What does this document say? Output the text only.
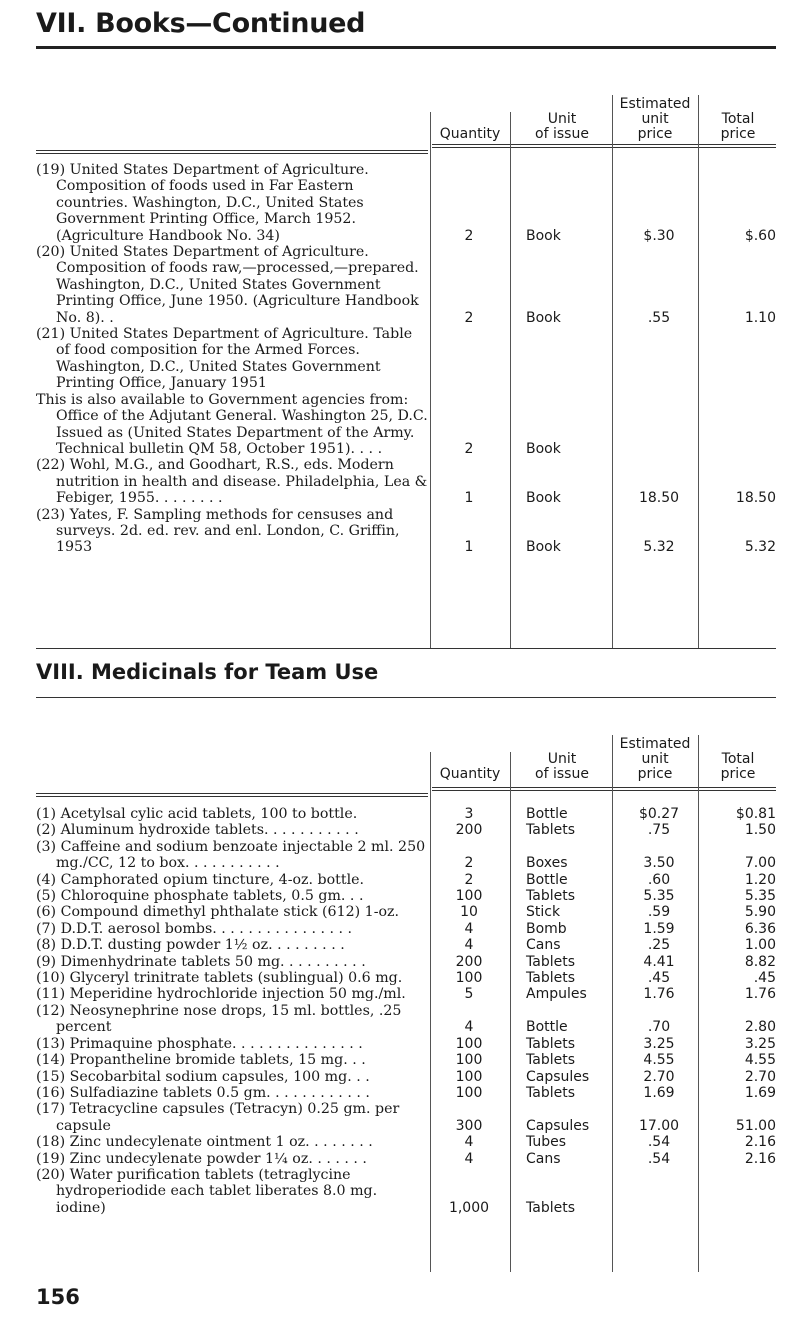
VII. Books—Continued
Quantity
Unit
of issue
Estimated
unit
price
Total
price
(19) United States Department of Agriculture. Composition of foods used in Far Eastern countries. Washington, D.C., United States Government Printing Office, March 1952. (Agriculture Handbook No. 34)	2	Book	$.30	$.60
(20) United States Department of Agriculture. Composition of foods raw,—processed,—prepared. Washington, D.C., United States Government Printing Office, June 1950. (Agriculture Handbook No. 8). .	2	Book	.55	1.10
(21) United States Department of Agriculture. Table of food composition for the Armed Forces. Washington, D.C., United States Government Printing Office, January 1951
This is also available to Government agencies from: Office of the Adjutant General. Washington 25, D.C. Issued as (United States Department of the Army. Technical bulletin QM 58, October 1951). . . .	2	Book
(22) Wohl, M.G., and Goodhart, R.S., eds. Modern nutrition in health and disease. Philadelphia, Lea & Febiger, 1955. . . . . . . .	1	Book	18.50	18.50
(23) Yates, F. Sampling methods for censuses and surveys. 2d. ed. rev. and enl. London, C. Griffin, 1953	1	Book	5.32	5.32
VIII. Medicinals for Team Use
Quantity
Unit
of issue
Estimated
unit
price
Total
price
(1) Acetylsal cylic acid tablets, 100 to bottle.	3	Bottle	$0.27	$0.81
(2) Aluminum hydroxide tablets. . . . . . . . . . .	200	Tablets	.75	1.50
(3) Caffeine and sodium benzoate injectable 2 ml. 250 mg./CC, 12 to box. . . . . . . . . . .	2	Boxes	3.50	7.00
(4) Camphorated opium tincture, 4-oz. bottle.	2	Bottle	.60	1.20
(5) Chloroquine phosphate tablets, 0.5 gm. . .	100	Tablets	5.35	5.35
(6) Compound dimethyl phthalate stick (612) 1-oz.	10	Stick	.59	5.90
(7) D.D.T. aerosol bombs. . . . . . . . . . . . . . . .	4	Bomb	1.59	6.36
(8) D.D.T. dusting powder 1½ oz. . . . . . . . .	4	Cans	.25	1.00
(9) Dimenhydrinate tablets 50 mg. . . . . . . . . .	200	Tablets	4.41	8.82
(10) Glyceryl trinitrate tablets (sublingual) 0.6 mg.	100	Tablets	.45	.45
(11) Meperidine hydrochloride injection 50 mg./ml.	5	Ampules	1.76	1.76
(12) Neosynephrine nose drops, 15 ml. bottles, .25 percent	4	Bottle	.70	2.80
(13) Primaquine phosphate. . . . . . . . . . . . . . .	100	Tablets	3.25	3.25
(14) Propantheline bromide tablets, 15 mg. . .	100	Tablets	4.55	4.55
(15) Secobarbital sodium capsules, 100 mg. . .	100	Capsules	2.70	2.70
(16) Sulfadiazine tablets 0.5 gm. . . . . . . . . . . .	100	Tablets	1.69	1.69
(17) Tetracycline capsules (Tetracyn) 0.25 gm. per capsule	300	Capsules	17.00	51.00
(18) Zinc undecylenate ointment 1 oz. . . . . . . .	4	Tubes	.54	2.16
(19) Zinc undecylenate powder 1¼ oz. . . . . . .	4	Cans	.54	2.16
(20) Water purification tablets (tetraglycine hydroperiodide each tablet liberates 8.0 mg. iodine)	1,000	Tablets
156
